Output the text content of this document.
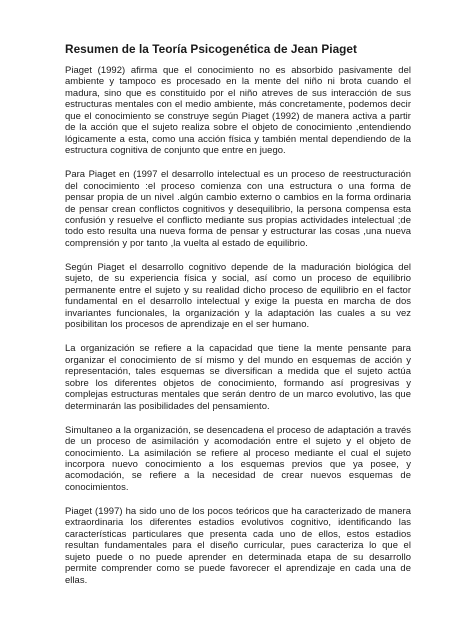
Resumen de la Teoría Psicogenética de Jean Piaget

Piaget (1992) afirma que el conocimiento no es absorbido pasivamente del ambiente y tampoco es procesado en la mente del niño ni brota cuando el madura, sino que es constituido por el niño atreves de sus interacción de sus estructuras mentales con el medio ambiente, más concretamente, podemos decir que el conocimiento se construye según Piaget (1992) de manera activa a partir de la acción que el sujeto realiza sobre el objeto de conocimiento ,entendiendo lógicamente a esta, como una acción física y también mental dependiendo de la estructura cognitiva de conjunto que entre en juego.

Para Piaget en (1997 el desarrollo intelectual es un proceso de reestructuración del conocimiento :el proceso comienza con una estructura o una forma de pensar propia de un nivel .algún cambio externo o cambios en la forma ordinaria de pensar crean conflictos cognitivos y desequilibrio, la persona compensa esta confusión y resuelve el conflicto mediante sus propias actividades intelectual ;de todo esto resulta una nueva forma de pensar y estructurar las cosas ,una nueva comprensión y por tanto ,la vuelta al estado de equilibrio.

Según Piaget el desarrollo cognitivo depende de la maduración biológica del sujeto, de su experiencia física y social, así como un proceso de equilibrio permanente entre el sujeto y su realidad dicho proceso de equilibrio en el factor fundamental en el desarrollo intelectual y exige la puesta en marcha de dos invariantes funcionales, la organización y la adaptación las cuales a su vez posibilitan los procesos de aprendizaje en el ser humano.

La organización se refiere a la capacidad que tiene la mente pensante para organizar el conocimiento de sí mismo y del mundo en esquemas de acción y representación, tales esquemas se diversifican a medida que el sujeto actúa sobre los diferentes objetos de conocimiento, formando así progresivas y complejas estructuras mentales que serán dentro de un marco evolutivo, las que determinarán las posibilidades del pensamiento.

Simultaneo a la organización, se desencadena el proceso de adaptación a través de un proceso de asimilación y acomodación entre el sujeto y el objeto de conocimiento. La asimilación se refiere al proceso mediante el cual el sujeto incorpora nuevo conocimiento a los esquemas previos que ya posee, y acomodación, se refiere a la necesidad de crear nuevos esquemas de conocimientos.

Piaget (1997) ha sido uno de los pocos teóricos que ha caracterizado de manera extraordinaria los diferentes estadios evolutivos cognitivo, identificando las características particulares que presenta cada uno de ellos, estos estadios resultan fundamentales para el diseño curricular, pues caracteriza lo que el sujeto puede o no puede aprender en determinada etapa de su desarrollo permite comprender como se puede favorecer el aprendizaje en cada una de ellas.
